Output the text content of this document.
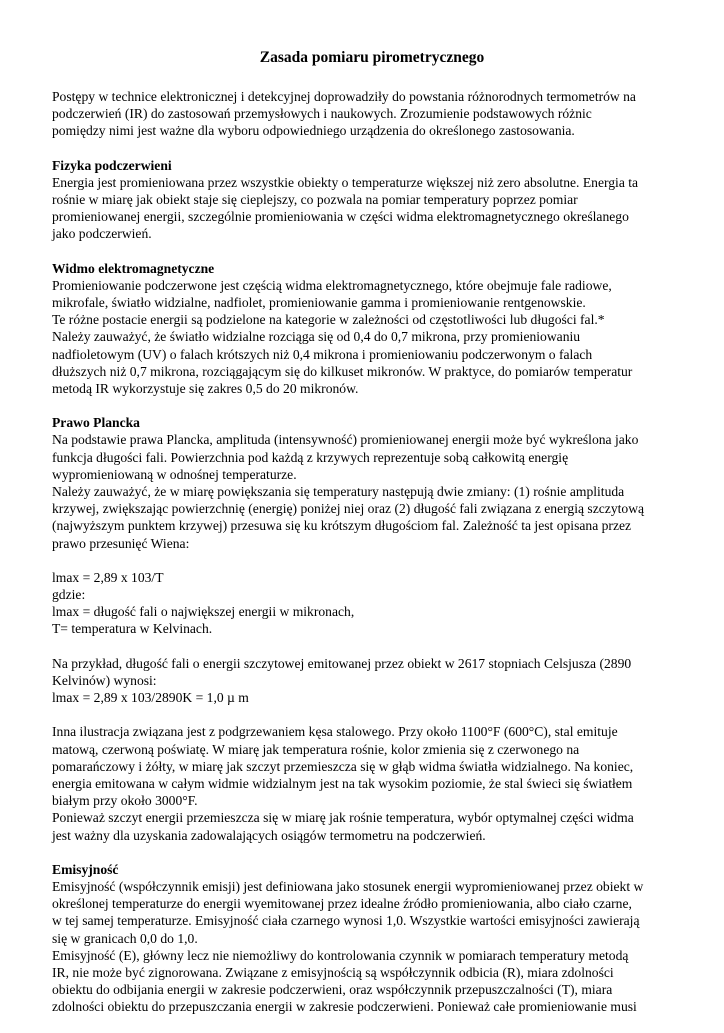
Zasada pomiaru pirometrycznego
Postępy w technice elektronicznej i detekcyjnej doprowadziły do powstania różnorodnych termometrów na
podczerwień (IR) do zastosowań przemysłowych i naukowych. Zrozumienie podstawowych różnic
pomiędzy nimi jest ważne dla wyboru odpowiedniego urządzenia do określonego zastosowania.
Fizyka podczerwieni
Energia jest promieniowana przez wszystkie obiekty o temperaturze większej niż zero absolutne. Energia ta
rośnie w miarę jak obiekt staje się cieplejszy, co pozwala na pomiar temperatury poprzez pomiar
promieniowanej energii, szczególnie promieniowania w części widma elektromagnetycznego określanego
jako podczerwień.
Widmo elektromagnetyczne
Promieniowanie podczerwone jest częścią widma elektromagnetycznego, które obejmuje fale radiowe,
mikrofale, światło widzialne, nadfiolet, promieniowanie gamma i promieniowanie rentgenowskie.
Te różne postacie energii są podzielone na kategorie w zależności od częstotliwości lub długości fal.*
Należy zauważyć, że światło widzialne rozciąga się od 0,4 do 0,7 mikrona, przy promieniowaniu
nadfioletowym (UV) o falach krótszych niż 0,4 mikrona i promieniowaniu podczerwonym o falach
dłuższych niż 0,7 mikrona, rozciągającym się do kilkuset mikronów. W praktyce, do pomiarów temperatur
metodą IR wykorzystuje się zakres 0,5 do 20 mikronów.
Prawo Plancka
Na podstawie prawa Plancka, amplituda (intensywność) promieniowanej energii może być wykreślona jako
funkcja długości fali. Powierzchnia pod każdą z krzywych reprezentuje sobą całkowitą energię
wypromieniowaną w odnośnej temperaturze.
Należy zauważyć, że w miarę powiększania się temperatury następują dwie zmiany: (1) rośnie amplituda
krzywej, zwiększając powierzchnię (energię) poniżej niej oraz (2) długość fali związana z energią szczytową
(najwyższym punktem krzywej) przesuwa się ku krótszym długościom fal. Zależność ta jest opisana przez
prawo przesunięć Wiena:
lmax = 2,89 x 103/T
gdzie:
lmax = długość fali o największej energii w mikronach,
T= temperatura w Kelvinach.
Na przykład, długość fali o energii szczytowej emitowanej przez obiekt w 2617 stopniach Celsjusza (2890
Kelvinów) wynosi:
lmax = 2,89 x 103/2890K = 1,0 µ m
Inna ilustracja związana jest z podgrzewaniem kęsa stalowego. Przy około 1100°F (600°C), stal emituje
matową, czerwoną poświatę. W miarę jak temperatura rośnie, kolor zmienia się z czerwonego na
pomarańczowy i żółty, w miarę jak szczyt przemieszcza się w głąb widma światła widzialnego. Na koniec,
energia emitowana w całym widmie widzialnym jest na tak wysokim poziomie, że stal świeci się światłem
białym przy około 3000°F.
Ponieważ szczyt energii przemieszcza się w miarę jak rośnie temperatura, wybór optymalnej części widma
jest ważny dla uzyskania zadowalających osiągów termometru na podczerwień.
Emisyjność
Emisyjność (współczynnik emisji) jest definiowana jako stosunek energii wypromieniowanej przez obiekt w
określonej temperaturze do energii wyemitowanej przez idealne źródło promieniowania, albo ciało czarne,
w tej samej temperaturze. Emisyjność ciała czarnego wynosi 1,0. Wszystkie wartości emisyjności zawierają
się w granicach 0,0 do 1,0.
Emisyjność (E), główny lecz nie niemożliwy do kontrolowania czynnik w pomiarach temperatury metodą
IR, nie może być zignorowana. Związane z emisyjnością są współczynnik odbicia (R), miara zdolności
obiektu do odbijania energii w zakresie podczerwieni, oraz współczynnik przepuszczalności (T), miara
zdolności obiektu do przepuszczania energii w zakresie podczerwieni. Ponieważ całe promieniowanie musi
